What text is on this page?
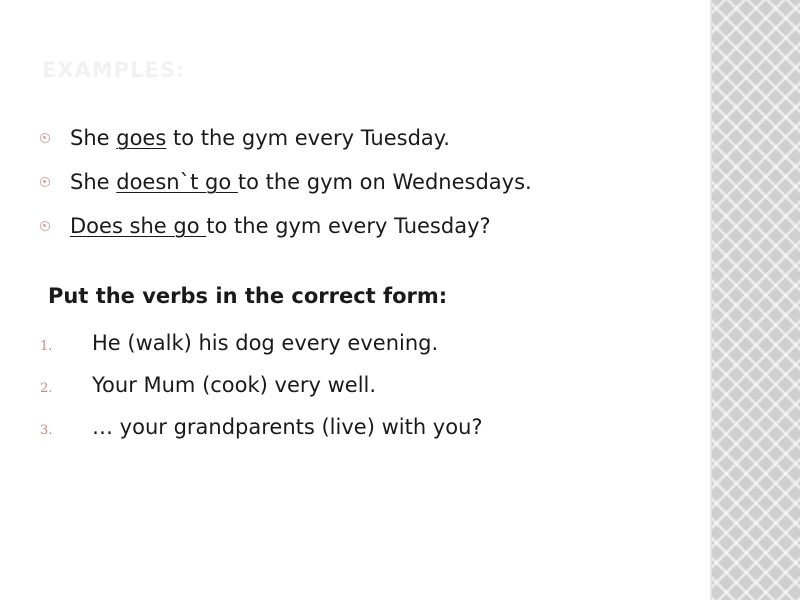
EXAMPLES:
She goes to the gym every Tuesday.
She doesn`t go to the gym on Wednesdays.
Does she go to the gym every Tuesday?

Put the verbs in the correct form:

1. He (walk) his dog every evening.
2. Your Mum (cook) very well.
3. … your grandparents (live) with you?
